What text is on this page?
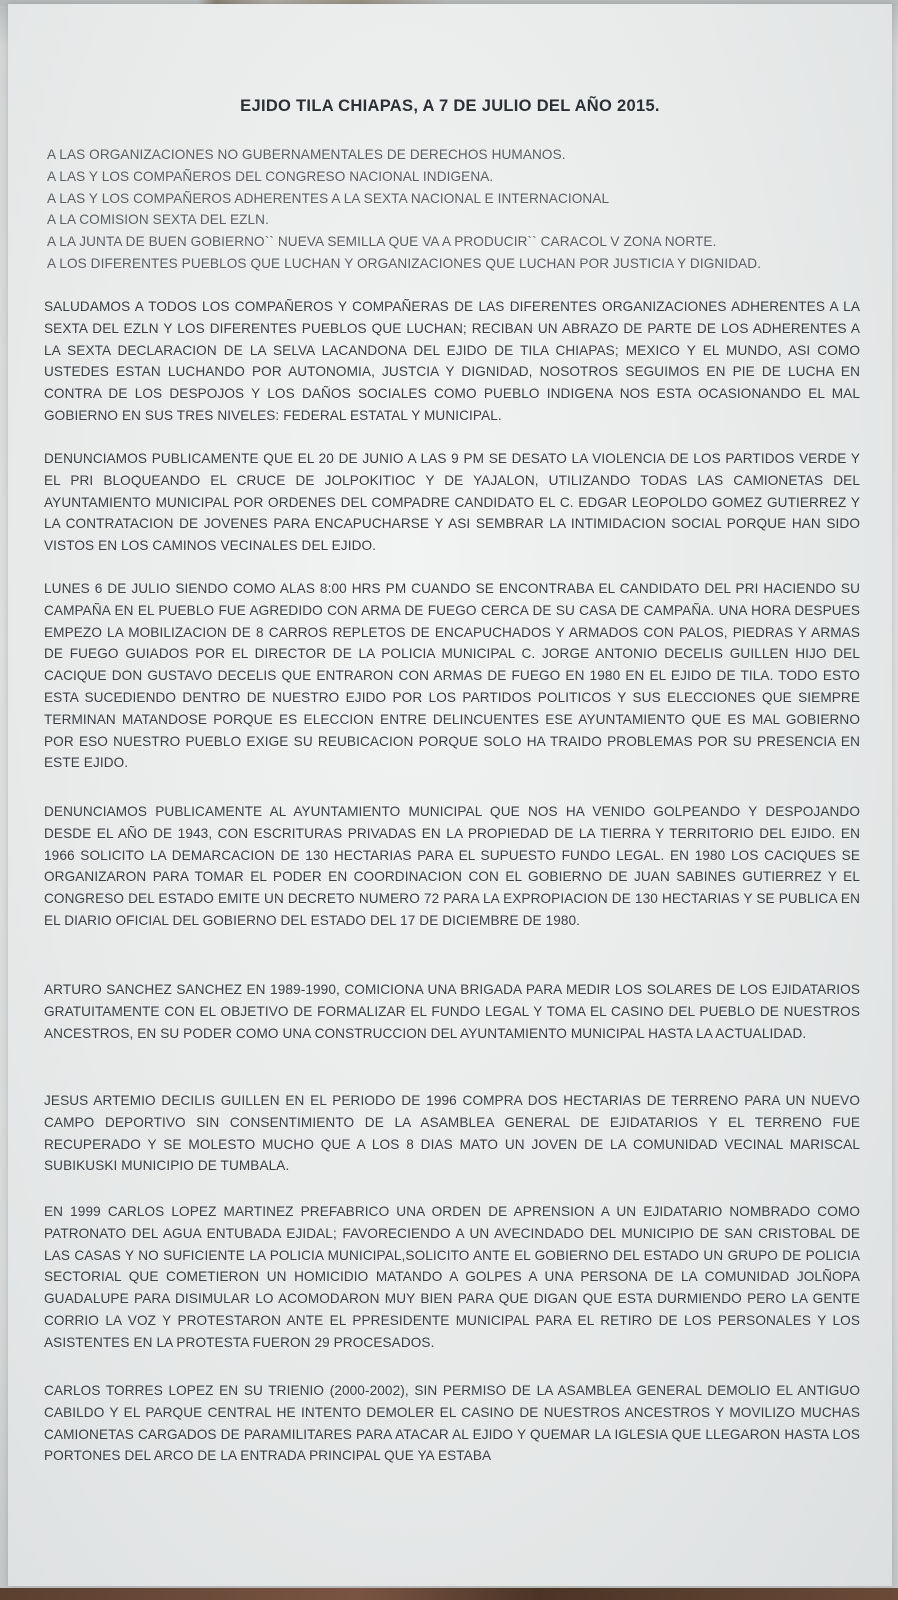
EJIDO TILA CHIAPAS, A 7 DE JULIO DEL AÑO 2015.
A LAS ORGANIZACIONES NO GUBERNAMENTALES DE DERECHOS HUMANOS.
A LAS Y LOS COMPAÑEROS DEL CONGRESO NACIONAL INDIGENA.
A LAS Y LOS COMPAÑEROS ADHERENTES A LA SEXTA NACIONAL E INTERNACIONAL
A LA COMISION SEXTA DEL EZLN.
A LA JUNTA DE BUEN GOBIERNO`` NUEVA SEMILLA QUE VA A PRODUCIR`` CARACOL V ZONA NORTE.
A LOS DIFERENTES PUEBLOS QUE LUCHAN Y ORGANIZACIONES QUE LUCHAN POR JUSTICIA Y DIGNIDAD.
SALUDAMOS A TODOS LOS COMPAÑEROS Y COMPAÑERAS DE LAS DIFERENTES ORGANIZACIONES ADHERENTES A LA SEXTA DEL EZLN Y LOS DIFERENTES PUEBLOS QUE LUCHAN; RECIBAN UN ABRAZO DE PARTE DE LOS ADHERENTES A LA SEXTA DECLARACION DE LA SELVA LACANDONA DEL EJIDO DE TILA CHIAPAS; MEXICO Y EL MUNDO, ASI COMO USTEDES ESTAN LUCHANDO POR AUTONOMIA, JUSTCIA Y DIGNIDAD, NOSOTROS SEGUIMOS EN PIE DE LUCHA EN CONTRA DE LOS DESPOJOS Y LOS DAÑOS SOCIALES COMO PUEBLO INDIGENA NOS ESTA OCASIONANDO EL MAL GOBIERNO EN SUS TRES NIVELES: FEDERAL ESTATAL Y MUNICIPAL.
DENUNCIAMOS PUBLICAMENTE QUE EL 20 DE JUNIO A LAS 9 PM SE DESATO LA VIOLENCIA DE LOS PARTIDOS VERDE Y EL PRI BLOQUEANDO EL CRUCE DE JOLPOKITIOC Y DE YAJALON, UTILIZANDO TODAS LAS CAMIONETAS DEL AYUNTAMIENTO MUNICIPAL POR ORDENES DEL COMPADRE CANDIDATO EL C. EDGAR LEOPOLDO GOMEZ GUTIERREZ Y LA CONTRATACION DE JOVENES PARA ENCAPUCHARSE Y ASI SEMBRAR LA INTIMIDACION SOCIAL PORQUE HAN SIDO VISTOS EN LOS CAMINOS VECINALES DEL EJIDO.
LUNES 6 DE JULIO SIENDO COMO ALAS 8:00 HRS PM CUANDO SE ENCONTRABA EL CANDIDATO DEL PRI HACIENDO SU CAMPAÑA EN EL PUEBLO FUE AGREDIDO CON ARMA DE FUEGO CERCA DE SU CASA DE CAMPAÑA. UNA HORA DESPUES EMPEZO LA MOBILIZACION DE 8 CARROS REPLETOS DE ENCAPUCHADOS Y ARMADOS CON PALOS, PIEDRAS Y ARMAS DE FUEGO GUIADOS POR EL DIRECTOR DE LA POLICIA MUNICIPAL C. JORGE ANTONIO DECELIS GUILLEN HIJO DEL CACIQUE DON GUSTAVO DECELIS QUE ENTRARON CON ARMAS DE FUEGO EN 1980 EN EL EJIDO DE TILA. TODO ESTO ESTA SUCEDIENDO DENTRO DE NUESTRO EJIDO POR LOS PARTIDOS POLITICOS Y SUS ELECCIONES QUE SIEMPRE TERMINAN MATANDOSE PORQUE ES ELECCION ENTRE DELINCUENTES ESE AYUNTAMIENTO QUE ES MAL GOBIERNO POR ESO NUESTRO PUEBLO EXIGE SU REUBICACION PORQUE SOLO HA TRAIDO PROBLEMAS POR SU PRESENCIA EN ESTE EJIDO.
DENUNCIAMOS PUBLICAMENTE AL AYUNTAMIENTO MUNICIPAL QUE NOS HA VENIDO GOLPEANDO Y DESPOJANDO DESDE EL AÑO DE 1943, CON ESCRITURAS PRIVADAS EN LA PROPIEDAD DE LA TIERRA Y TERRITORIO DEL EJIDO. EN 1966 SOLICITO LA DEMARCACION DE 130 HECTARIAS PARA EL SUPUESTO FUNDO LEGAL. EN 1980 LOS CACIQUES SE ORGANIZARON PARA TOMAR EL PODER EN COORDINACION CON EL GOBIERNO DE JUAN SABINES GUTIERREZ Y EL CONGRESO DEL ESTADO EMITE UN DECRETO NUMERO 72 PARA LA EXPROPIACION DE 130 HECTARIAS Y SE PUBLICA EN EL DIARIO OFICIAL DEL GOBIERNO DEL ESTADO DEL 17 DE DICIEMBRE DE 1980.
ARTURO SANCHEZ SANCHEZ EN 1989-1990, COMICIONA UNA BRIGADA PARA MEDIR LOS SOLARES DE LOS EJIDATARIOS GRATUITAMENTE CON EL OBJETIVO DE FORMALIZAR EL FUNDO LEGAL Y TOMA EL CASINO DEL PUEBLO DE NUESTROS ANCESTROS, EN SU PODER COMO UNA CONSTRUCCION DEL AYUNTAMIENTO MUNICIPAL HASTA LA ACTUALIDAD.
JESUS ARTEMIO DECILIS GUILLEN EN EL PERIODO DE 1996 COMPRA DOS HECTARIAS DE TERRENO PARA UN NUEVO CAMPO DEPORTIVO SIN CONSENTIMIENTO DE LA ASAMBLEA GENERAL DE EJIDATARIOS Y EL TERRENO FUE RECUPERADO Y SE MOLESTO MUCHO QUE A LOS 8 DIAS MATO UN JOVEN DE LA COMUNIDAD VECINAL MARISCAL SUBIKUSKI MUNICIPIO DE TUMBALA.
EN 1999 CARLOS LOPEZ MARTINEZ PREFABRICO UNA ORDEN DE APRENSION A UN EJIDATARIO NOMBRADO COMO PATRONATO DEL AGUA ENTUBADA EJIDAL; FAVORECIENDO A UN AVECINDADO DEL MUNICIPIO DE SAN CRISTOBAL DE LAS CASAS Y NO SUFICIENTE LA POLICIA MUNICIPAL,SOLICITO ANTE EL GOBIERNO DEL ESTADO UN GRUPO DE POLICIA SECTORIAL QUE COMETIERON UN HOMICIDIO MATANDO A GOLPES A UNA PERSONA DE LA COMUNIDAD JOLÑOPA GUADALUPE PARA DISIMULAR LO ACOMODARON MUY BIEN PARA QUE DIGAN QUE ESTA DURMIENDO PERO LA GENTE CORRIO LA VOZ Y PROTESTARON ANTE EL PPRESIDENTE MUNICIPAL PARA EL RETIRO DE LOS PERSONALES Y LOS ASISTENTES EN LA PROTESTA FUERON 29 PROCESADOS.
CARLOS TORRES LOPEZ EN SU TRIENIO (2000-2002), SIN PERMISO DE LA ASAMBLEA GENERAL DEMOLIO EL ANTIGUO CABILDO Y EL PARQUE CENTRAL HE INTENTO DEMOLER EL CASINO DE NUESTROS ANCESTROS Y MOVILIZO MUCHAS CAMIONETAS CARGADOS DE PARAMILITARES PARA ATACAR AL EJIDO Y QUEMAR LA IGLESIA QUE LLEGARON HASTA LOS PORTONES DEL ARCO DE LA ENTRADA PRINCIPAL QUE YA ESTABA
